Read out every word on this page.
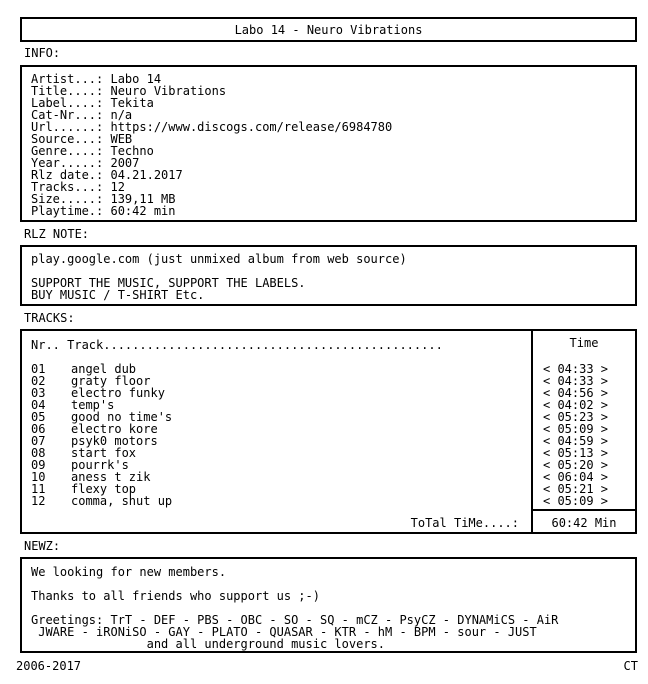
Labo 14 - Neuro Vibrations
INFO:
Artist...: Labo 14
Title....: Neuro Vibrations
Label....: Tekita
Cat-Nr...: n/a
Url......: https://www.discogs.com/release/6984780
Source...: WEB
Genre....: Techno
Year.....: 2007
Rlz date.: 04.21.2017
Tracks...: 12
Size.....: 139,11 MB
Playtime.: 60:42 min
RLZ NOTE:
play.google.com (just unmixed album from web source)
SUPPORT THE MUSIC, SUPPORT THE LABELS.
BUY MUSIC / T-SHIRT Etc.
TRACKS:
Nr.. Track...............................................	Time
01 angel dub	< 04:33 >
02 graty floor	< 04:33 >
03 electro funky	< 04:56 >
04 temp's	< 04:02 >
05 good no time's	< 05:23 >
06 electro kore	< 05:09 >
07 psyk0 motors	< 04:59 >
08 start fox	< 05:13 >
09 pourrk's	< 05:20 >
10 aness t zik	< 06:04 >
11 flexy top	< 05:21 >
12 comma, shut up	< 05:09 >
ToTal TiMe....:	60:42 Min
NEWZ:
We looking for new members.
Thanks to all friends who support us ;-)
Greetings: TrT - DEF - PBS - OBC - SO - SQ - mCZ - PsyCZ - DYNAMiCS - AiR
JWARE - iRONiSO - GAY - PLATO - QUASAR - KTR - hM - BPM - sour - JUST
and all underground music lovers.
2006-2017	CT
